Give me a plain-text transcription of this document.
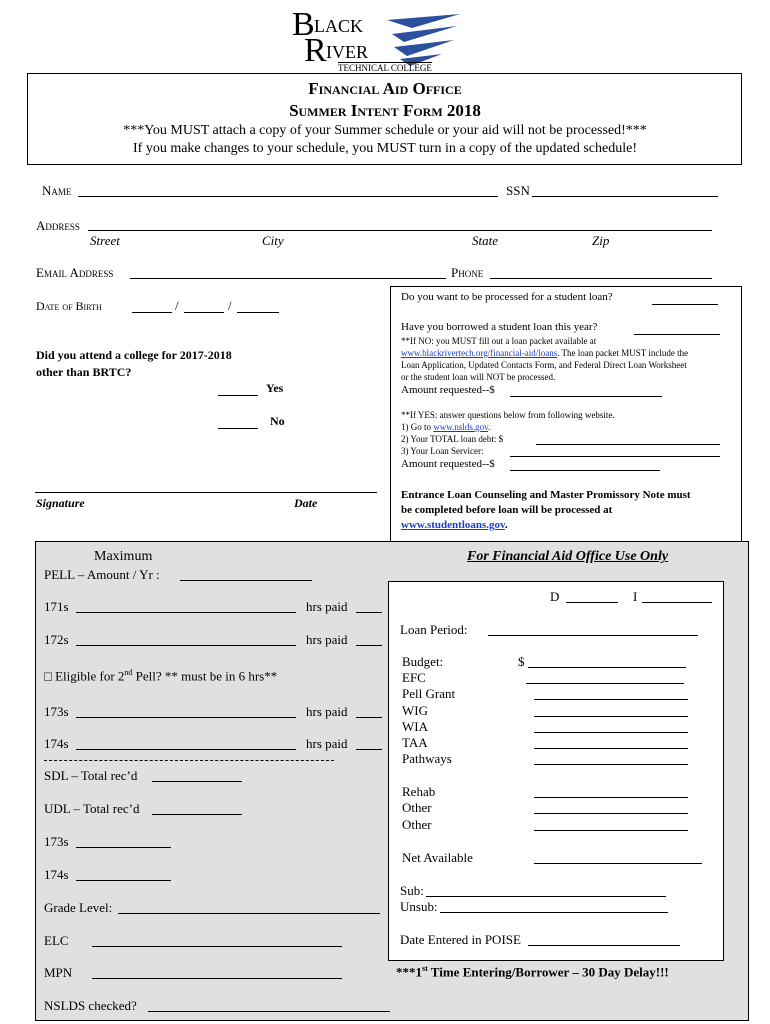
B LACK
R IVER
TECHNICAL COLLEGE
Financial Aid Office
Summer Intent Form 2018
***You MUST attach a copy of your Summer schedule or your aid will not be processed!***
If you make changes to your schedule, you MUST turn in a copy of the updated schedule!
Name	SSN
Address
Street	City	State	Zip
Email Address	Phone
Date of Birth	/	/
Did you attend a college for 2017-2018
other than BRTC?
Yes
No
Signature	Date
Do you want to be processed for a student loan?
Have you borrowed a student loan this year?
**If NO: you MUST fill out a loan packet available at
www.blackrivertech.org/financial-aid/loans. The loan packet MUST include the
Loan Application, Updated Contacts Form, and Federal Direct Loan Worksheet
or the student loan will NOT be processed.
Amount requested--$
**If YES: answer questions below from following website.
1) Go to www.nslds.gov.
2) Your TOTAL loan debt: $
3) Your Loan Servicer:
Amount requested--$
Entrance Loan Counseling and Master Promissory Note must
be completed before loan will be processed at
www.studentloans.gov.
Maximum
PELL – Amount / Yr :
171s	hrs paid
172s	hrs paid
□ Eligible for 2nd Pell? ** must be in 6 hrs**
173s	hrs paid
174s	hrs paid
SDL – Total rec’d
UDL – Total rec’d
173s
174s
Grade Level:
ELC
MPN
NSLDS checked?
For Financial Aid Office Use Only
D	I
Loan Period:
Budget:	$
EFC
Pell Grant
WIG
WIA
TAA
Pathways
Rehab
Other
Other
Net Available
Sub:
Unsub:
Date Entered in POISE
***1st Time Entering/Borrower – 30 Day Delay!!!
